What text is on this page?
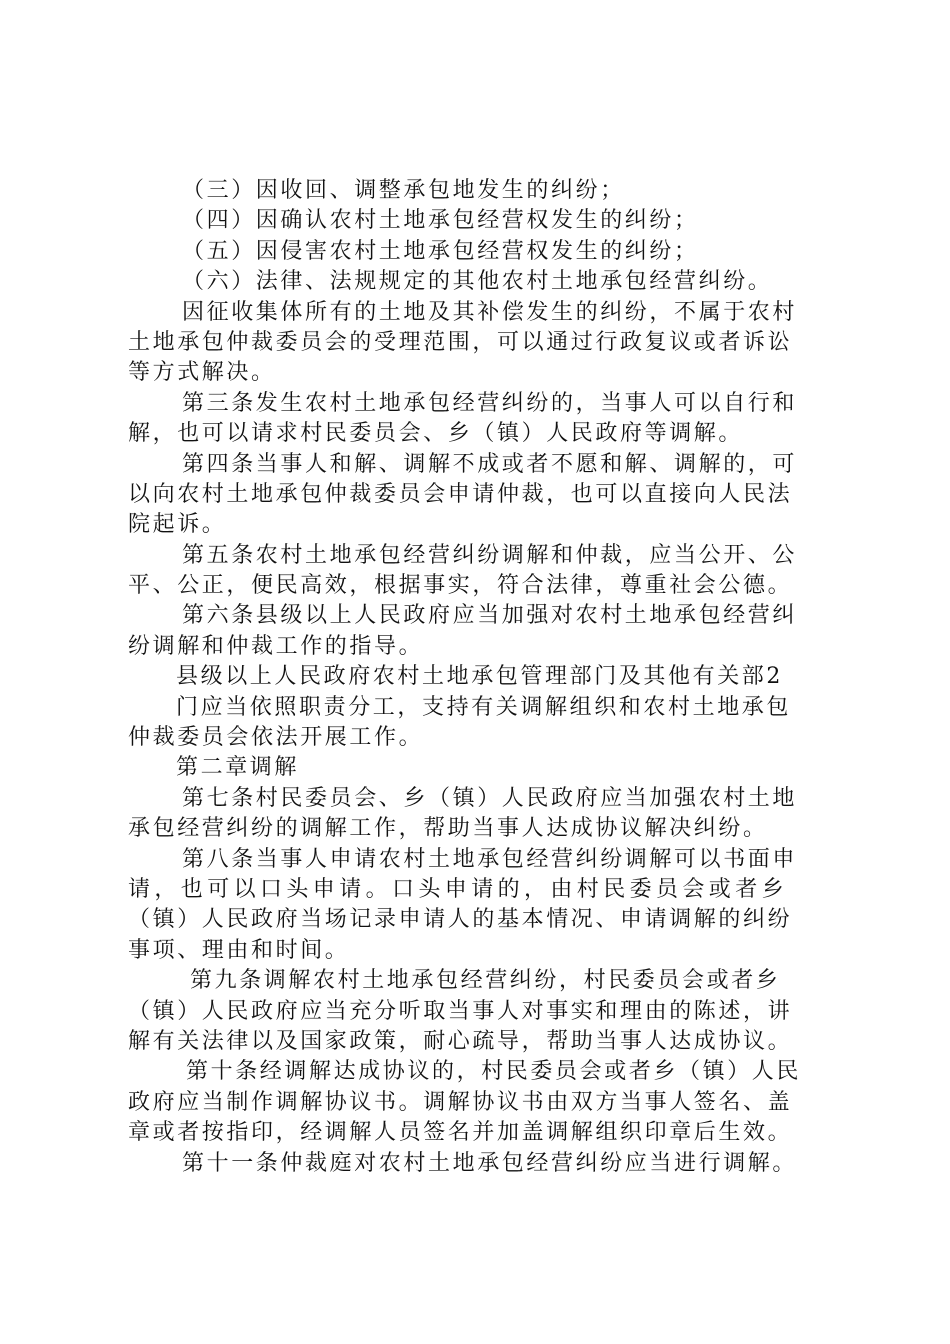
（三）因收回、调整承包地发生的纠纷；
（四）因确认农村土地承包经营权发生的纠纷；
（五）因侵害农村土地承包经营权发生的纠纷；
（六）法律、法规规定的其他农村土地承包经营纠纷。
因征收集体所有的土地及其补偿发生的纠纷，不属于农村
土地承包仲裁委员会的受理范围，可以通过行政复议或者诉讼
等方式解决。
第三条发生农村土地承包经营纠纷的，当事人可以自行和
解，也可以请求村民委员会、乡（镇）人民政府等调解。
第四条当事人和解、调解不成或者不愿和解、调解的，可
以向农村土地承包仲裁委员会申请仲裁，也可以直接向人民法
院起诉。
第五条农村土地承包经营纠纷调解和仲裁，应当公开、公
平、公正，便民高效，根据事实，符合法律，尊重社会公德。
第六条县级以上人民政府应当加强对农村土地承包经营纠
纷调解和仲裁工作的指导。
县级以上人民政府农村土地承包管理部门及其他有关部2
门应当依照职责分工，支持有关调解组织和农村土地承包
仲裁委员会依法开展工作。
第二章调解
第七条村民委员会、乡（镇）人民政府应当加强农村土地
承包经营纠纷的调解工作，帮助当事人达成协议解决纠纷。
第八条当事人申请农村土地承包经营纠纷调解可以书面申
请，也可以口头申请。口头申请的，由村民委员会或者乡
（镇）人民政府当场记录申请人的基本情况、申请调解的纠纷
事项、理由和时间。
第九条调解农村土地承包经营纠纷，村民委员会或者乡
（镇）人民政府应当充分听取当事人对事实和理由的陈述，讲
解有关法律以及国家政策，耐心疏导，帮助当事人达成协议。
第十条经调解达成协议的，村民委员会或者乡（镇）人民
政府应当制作调解协议书。调解协议书由双方当事人签名、盖
章或者按指印，经调解人员签名并加盖调解组织印章后生效。
第十一条仲裁庭对农村土地承包经营纠纷应当进行调解。
